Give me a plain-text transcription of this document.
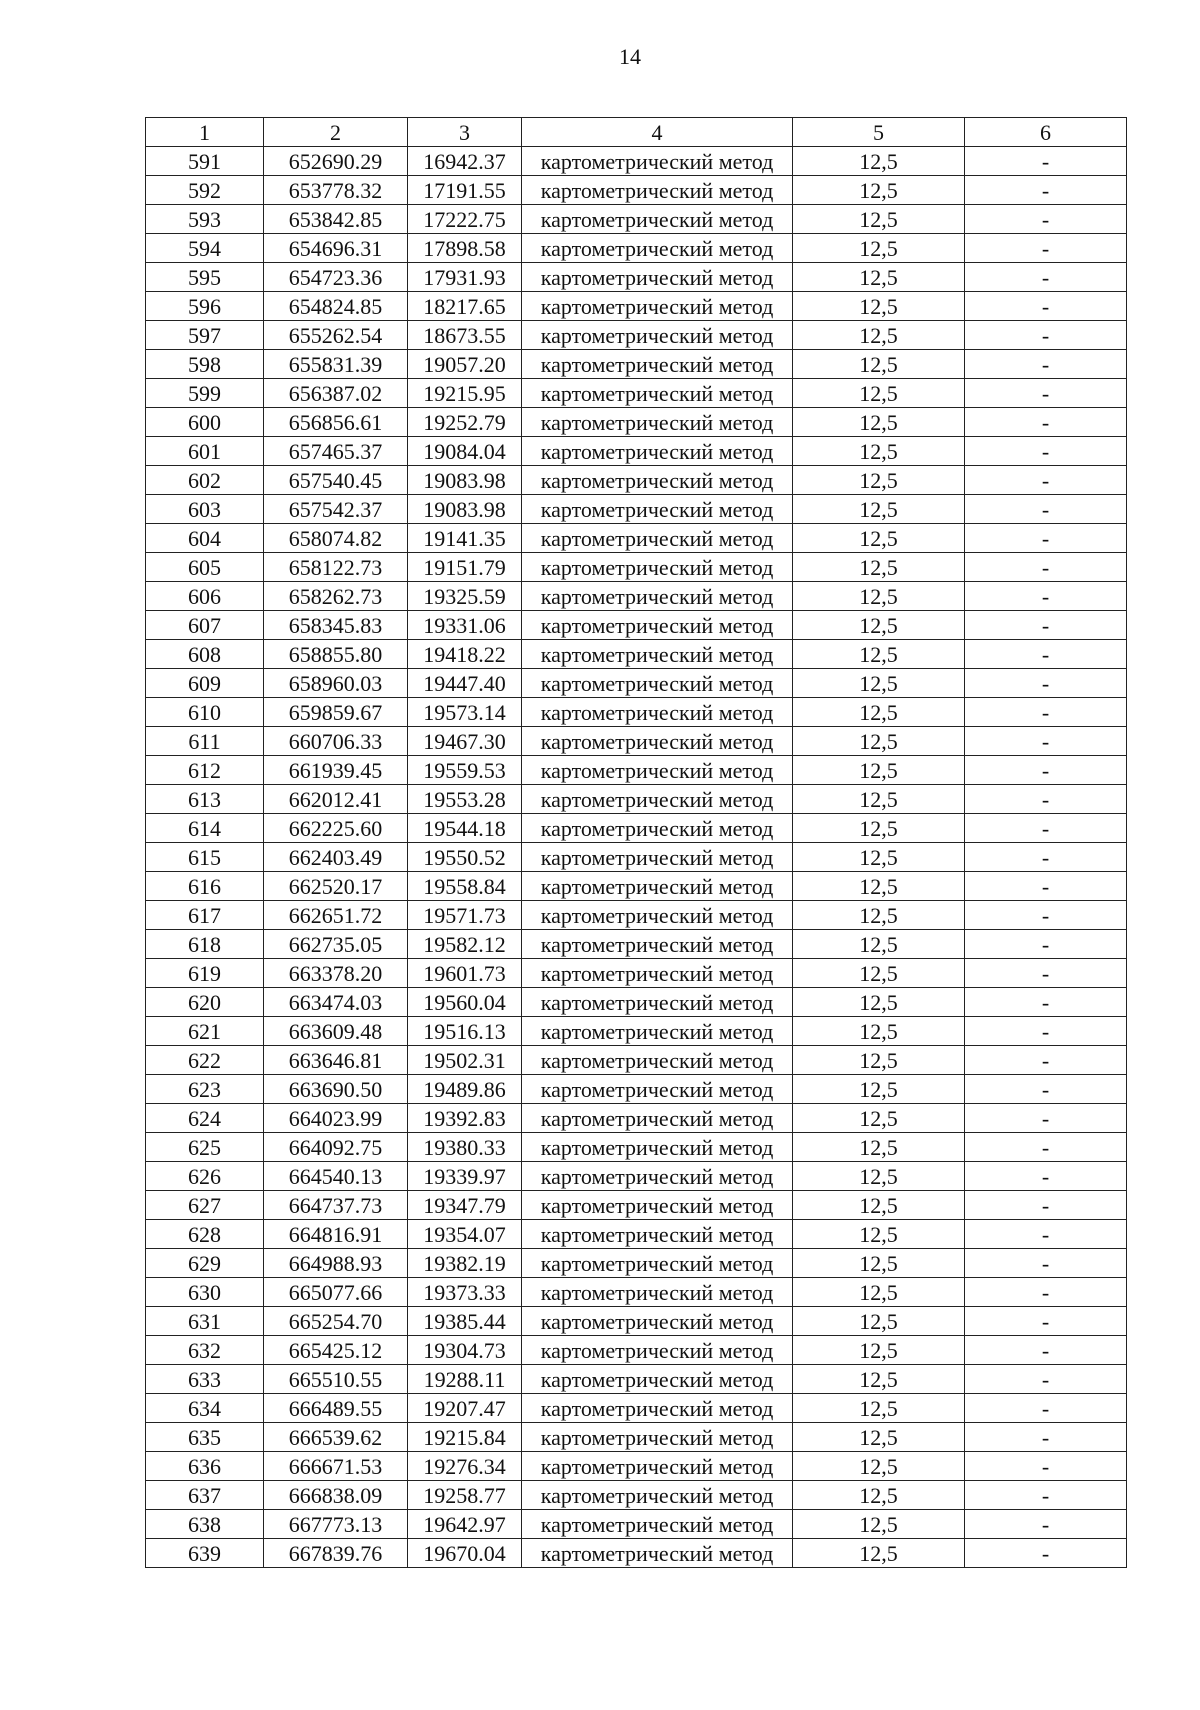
14
1	2	3	4	5	6
591	652690.29	16942.37	картометрический метод	12,5	-
592	653778.32	17191.55	картометрический метод	12,5	-
593	653842.85	17222.75	картометрический метод	12,5	-
594	654696.31	17898.58	картометрический метод	12,5	-
595	654723.36	17931.93	картометрический метод	12,5	-
596	654824.85	18217.65	картометрический метод	12,5	-
597	655262.54	18673.55	картометрический метод	12,5	-
598	655831.39	19057.20	картометрический метод	12,5	-
599	656387.02	19215.95	картометрический метод	12,5	-
600	656856.61	19252.79	картометрический метод	12,5	-
601	657465.37	19084.04	картометрический метод	12,5	-
602	657540.45	19083.98	картометрический метод	12,5	-
603	657542.37	19083.98	картометрический метод	12,5	-
604	658074.82	19141.35	картометрический метод	12,5	-
605	658122.73	19151.79	картометрический метод	12,5	-
606	658262.73	19325.59	картометрический метод	12,5	-
607	658345.83	19331.06	картометрический метод	12,5	-
608	658855.80	19418.22	картометрический метод	12,5	-
609	658960.03	19447.40	картометрический метод	12,5	-
610	659859.67	19573.14	картометрический метод	12,5	-
611	660706.33	19467.30	картометрический метод	12,5	-
612	661939.45	19559.53	картометрический метод	12,5	-
613	662012.41	19553.28	картометрический метод	12,5	-
614	662225.60	19544.18	картометрический метод	12,5	-
615	662403.49	19550.52	картометрический метод	12,5	-
616	662520.17	19558.84	картометрический метод	12,5	-
617	662651.72	19571.73	картометрический метод	12,5	-
618	662735.05	19582.12	картометрический метод	12,5	-
619	663378.20	19601.73	картометрический метод	12,5	-
620	663474.03	19560.04	картометрический метод	12,5	-
621	663609.48	19516.13	картометрический метод	12,5	-
622	663646.81	19502.31	картометрический метод	12,5	-
623	663690.50	19489.86	картометрический метод	12,5	-
624	664023.99	19392.83	картометрический метод	12,5	-
625	664092.75	19380.33	картометрический метод	12,5	-
626	664540.13	19339.97	картометрический метод	12,5	-
627	664737.73	19347.79	картометрический метод	12,5	-
628	664816.91	19354.07	картометрический метод	12,5	-
629	664988.93	19382.19	картометрический метод	12,5	-
630	665077.66	19373.33	картометрический метод	12,5	-
631	665254.70	19385.44	картометрический метод	12,5	-
632	665425.12	19304.73	картометрический метод	12,5	-
633	665510.55	19288.11	картометрический метод	12,5	-
634	666489.55	19207.47	картометрический метод	12,5	-
635	666539.62	19215.84	картометрический метод	12,5	-
636	666671.53	19276.34	картометрический метод	12,5	-
637	666838.09	19258.77	картометрический метод	12,5	-
638	667773.13	19642.97	картометрический метод	12,5	-
639	667839.76	19670.04	картометрический метод	12,5	-
